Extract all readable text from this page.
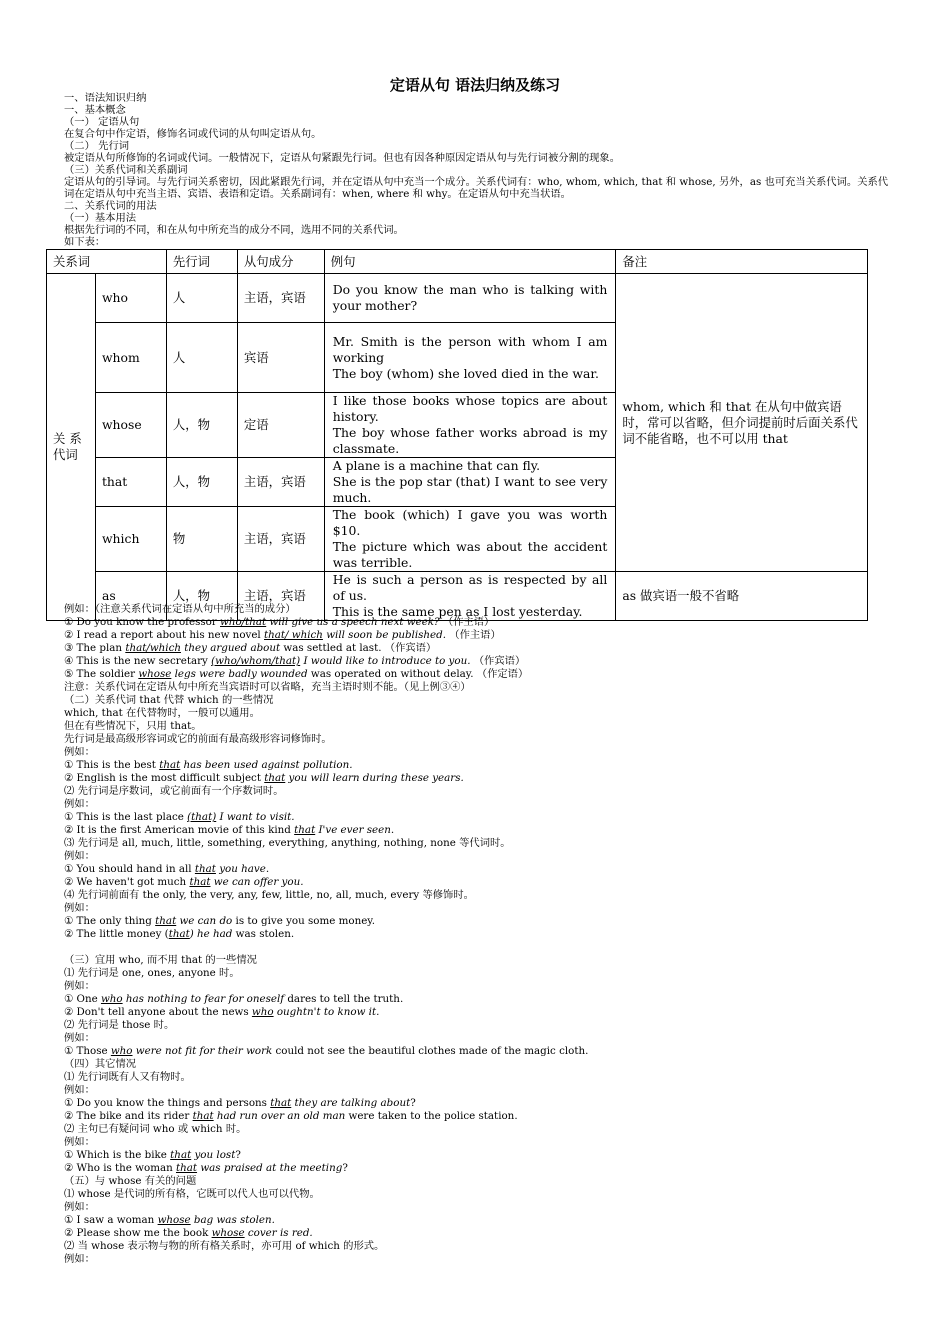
定语从句 语法归纳及练习
一、语法知识归纳
一、基本概念
（一） 定语从句
在复合句中作定语，修饰名词或代词的从句叫定语从句。
（二） 先行词
被定语从句所修饰的名词或代词。一般情况下，定语从句紧跟先行词。但也有因各种原因定语从句与先行词被分割的现象。
（三）关系代词和关系副词
定语从句的引导词。与先行词关系密切，因此紧跟先行词，并在定语从句中充当一个成分。关系代词有：who, whom, which, that 和 whose, 另外，as 也可充当关系代词。关系代词在定语从句中充当主语、宾语、表语和定语。关系副词有：when, where 和 why。在定语从句中充当状语。
二、关系代词的用法
（一）基本用法
根据先行词的不同，和在从句中所充当的成分不同，选用不同的关系代词。
如下表：
关系词		先行词	从句成分	例句	备注
关 系 代词	who	人	主语，宾语	Do you know the man who is talking with your mother?	whom, which 和 that 在从句中做宾语时，常可以省略，但介词提前时后面关系代词不能省略，也不可以用 that
	whom	人	宾语	Mr. Smith is the person with whom I am working
The boy (whom) she loved died in the war.	

	whose	人，物	定语	I like those books whose topics are about history.
The boy whose father works abroad is my classmate.	

	that	人，物	主语，宾语	A plane is a machine that can fly.
She is the pop star (that) I want to see very much.	

	which	物	主语，宾语	The book (which) I gave you was worth $10.
The picture which was about the accident was terrible.	

	as	人，物	主语，宾语	He is such a person as is respected by all of us.
This is the same pen as I lost yesterday.	as 做宾语一般不省略
例如：（注意关系代词在定语从句中所充当的成分）
① Do you know the professor who/that will give us a speech next week? （作主语）
② I read a report about his new novel that/ which will soon be published. （作主语）
③ The plan that/which they argued about was settled at last. （作宾语）
④ This is the new secretary (who/whom/that) I would like to introduce to you. （作宾语）
⑤ The soldier whose legs were badly wounded was operated on without delay. （作定语）
注意：关系代词在定语从句中所充当宾语时可以省略，充当主语时则不能。（见上例③④）
（二）关系代词 that 代替 which 的一些情况
which, that 在代替物时，一般可以通用。
但在有些情况下，只用 that。
先行词是最高级形容词或它的前面有最高级形容词修饰时。
例如：
① This is the best that has been used against pollution.
② English is the most difficult subject that you will learn during these years.
⑵ 先行词是序数词，或它前面有一个序数词时。
例如：
① This is the last place (that) I want to visit.
② It is the first American movie of this kind that I've ever seen.
⑶ 先行词是 all, much, little, something, everything, anything, nothing, none 等代词时。
例如：
① You should hand in all that you have.
② We haven't got much that we can offer you.
⑷ 先行词前面有 the only, the very, any, few, little, no, all, much, every 等修饰时。
例如：
① The only thing that we can do is to give you some money.
② The little money (that) he had was stolen.
（三）宜用 who, 而不用 that 的一些情况
⑴ 先行词是 one, ones, anyone 时。
例如：
① One who has nothing to fear for oneself dares to tell the truth.
② Don't tell anyone about the news who oughtn't to know it.
⑵ 先行词是 those 时。
例如：
① Those who were not fit for their work could not see the beautiful clothes made of the magic cloth.
（四）其它情况
⑴ 先行词既有人又有物时。
例如：
① Do you know the things and persons that they are talking about?
② The bike and its rider that had run over an old man were taken to the police station.
⑵ 主句已有疑问词 who 或 which 时。
例如：
① Which is the bike that you lost?
② Who is the woman that was praised at the meeting?
（五）与 whose 有关的问题
⑴ whose 是代词的所有格，它既可以代人也可以代物。
例如：
① I saw a woman whose bag was stolen.
② Please show me the book whose cover is red.
⑵ 当 whose 表示物与物的所有格关系时，亦可用 of which 的形式。
例如：
